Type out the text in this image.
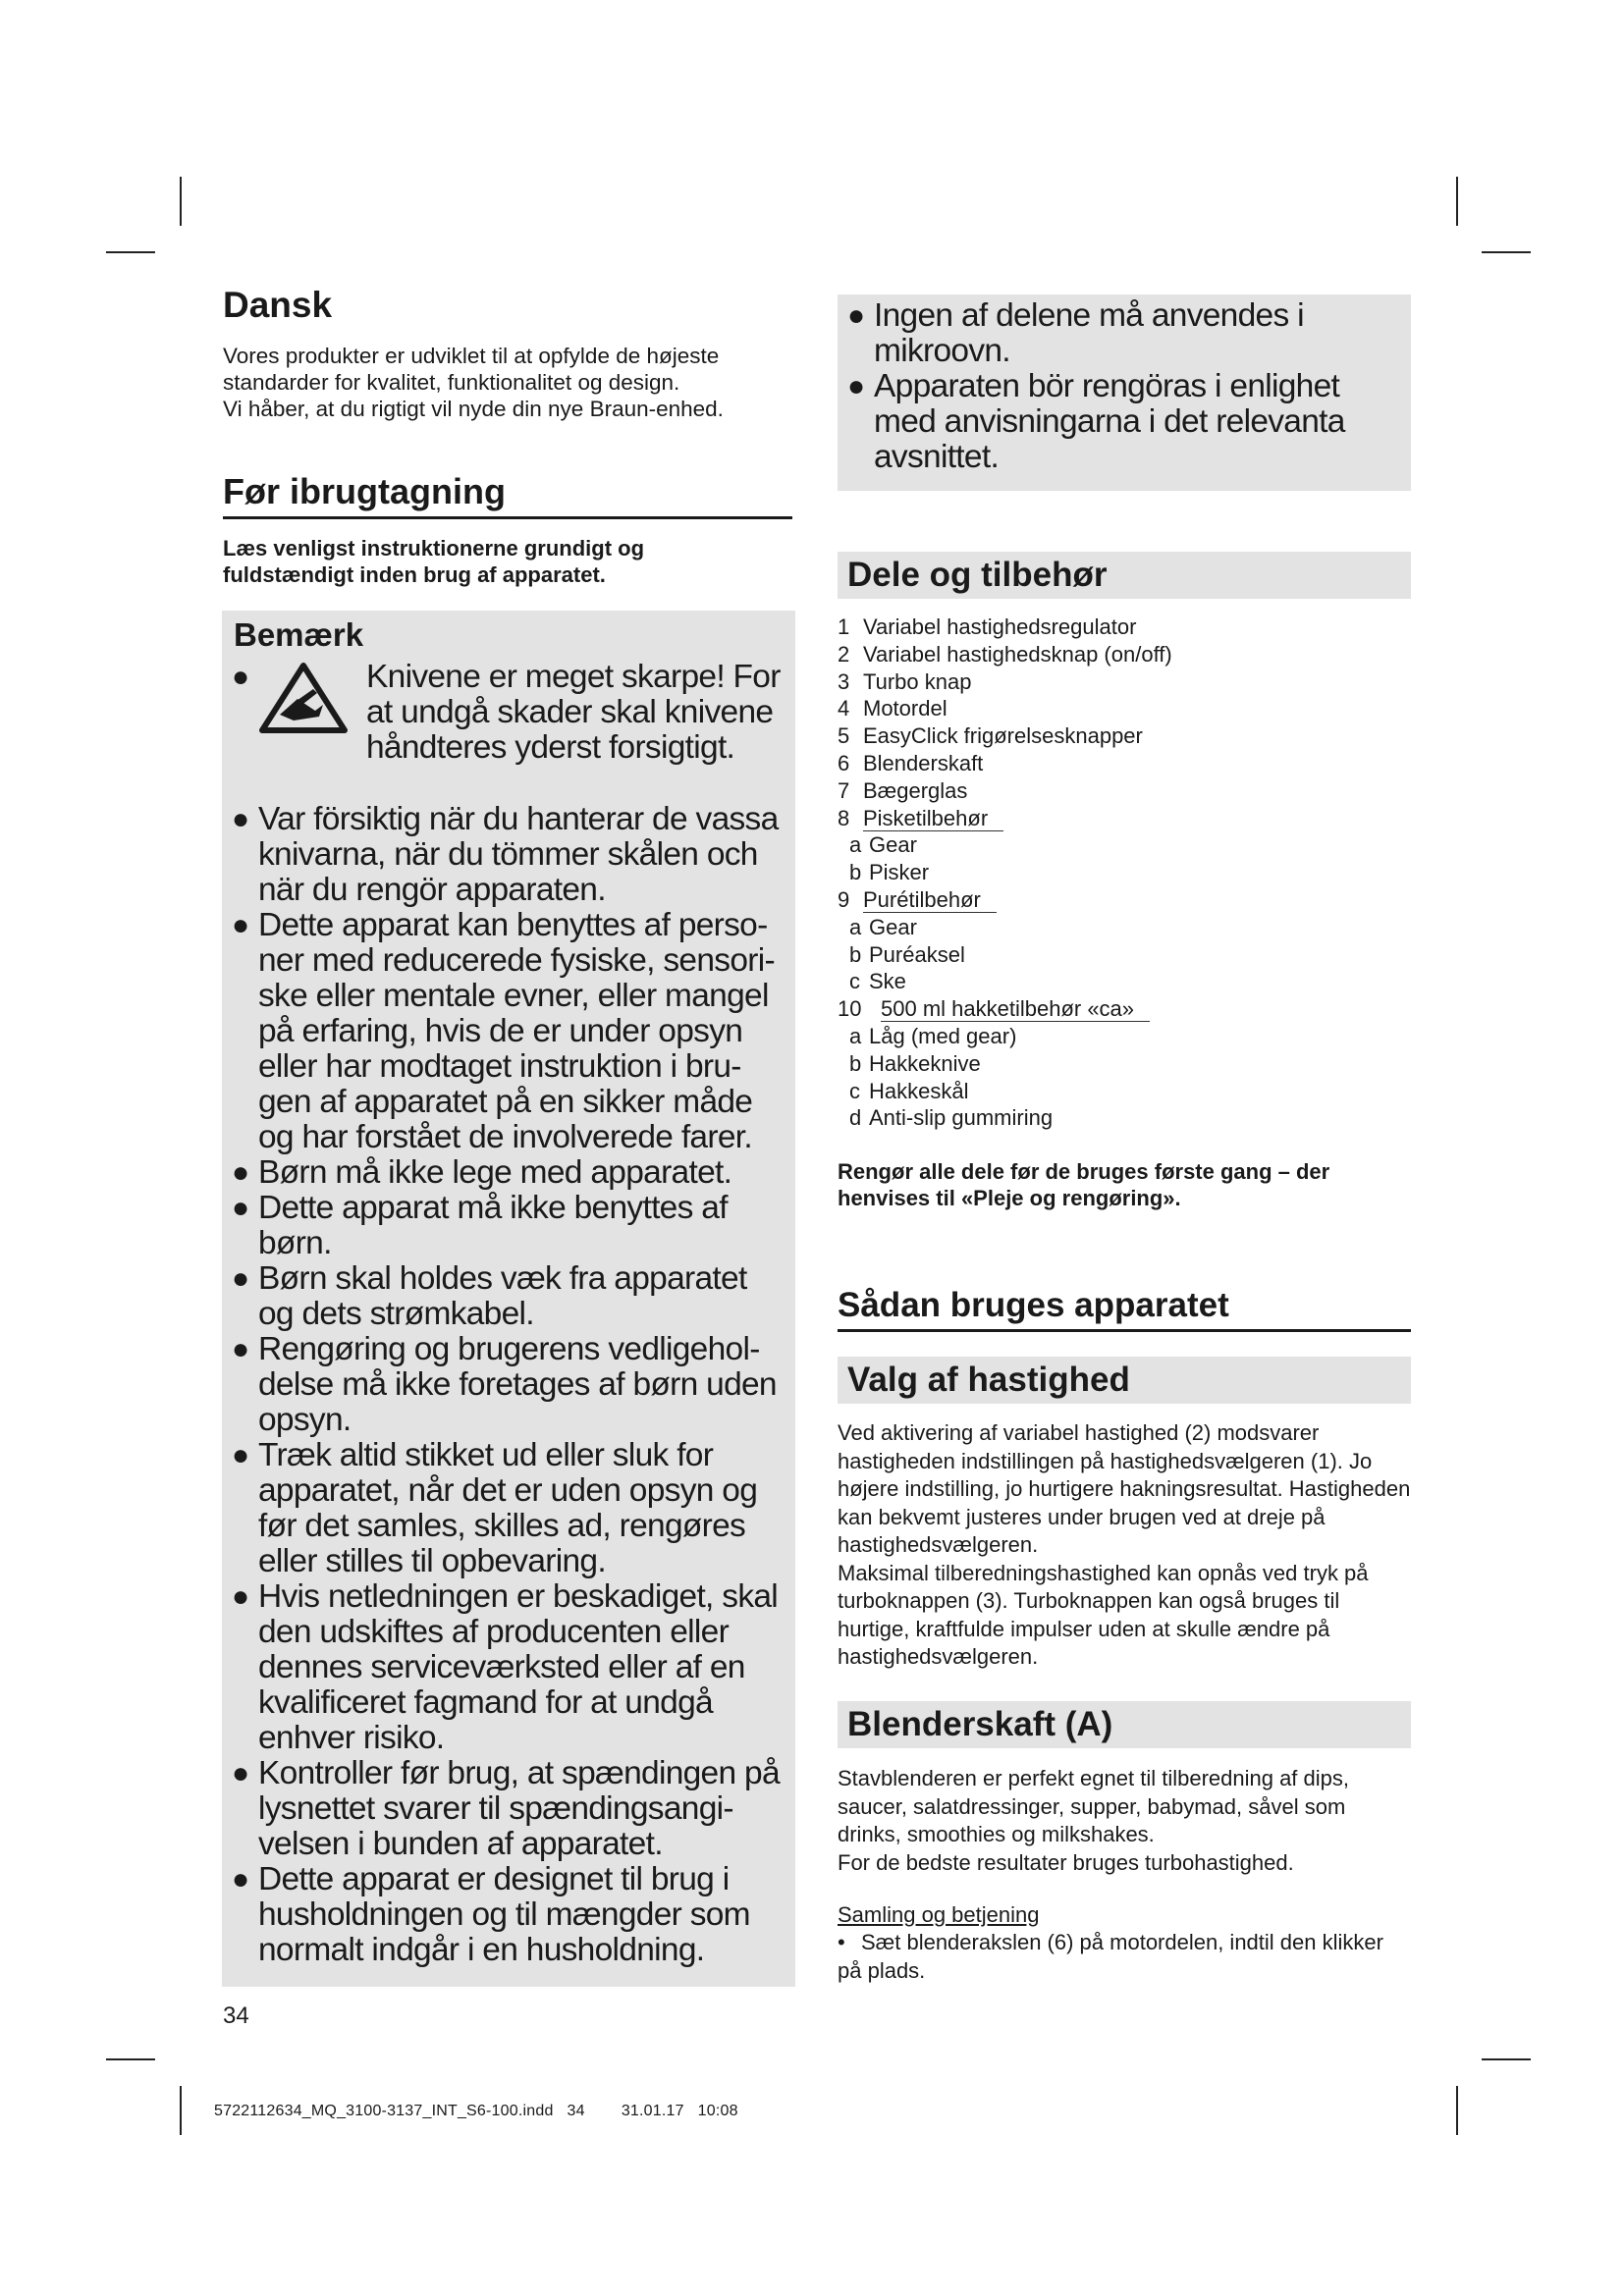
Dansk

Vores produkter er udviklet til at opfylde de højeste

standarder for kvalitet, funktionalitet og design.

Vi håber, at du rigtigt vil nyde din nye Braun-enhed.

Før ibrugtagning

Læs venligst instruktionerne grundigt og fuldstændigt inden brug af apparatet.

Bemærk
●	Knivene er meget skarpe! For at undgå skader skal knivene håndteres yderst forsigtigt.
● Var försiktig när du hanterar de vassa knivarna, när du tömmer skålen och när du rengör apparaten.
● Dette apparat kan benyttes af perso-ner med reducerede fysiske, sensori-ske eller mentale evner, eller mangel på erfaring, hvis de er under opsyn eller har modtaget instruktion i bru-gen af apparatet på en sikker måde og har forstået de involverede farer.
● Børn må ikke lege med apparatet.
● Dette apparat må ikke benyttes af børn.
● Børn skal holdes væk fra apparatet og dets strømkabel.
● Rengøring og brugerens vedligehol-delse må ikke foretages af børn uden opsyn.
● Træk altid stikket ud eller sluk for apparatet, når det er uden opsyn og før det samles, skilles ad, rengøres eller stilles til opbevaring.
● Hvis netledningen er beskadiget, skal den udskiftes af producenten eller dennes serviceværksted eller af en kvalificeret fagmand for at undgå enhver risiko.
● Kontroller før brug, at spændingen på lysnettet svarer til spændingsangi-velsen i bunden af apparatet.
● Dette apparat er designet til brug i husholdningen og til mængder som normalt indgår i en husholdning.
34
5722112634_MQ_3100-3137_INT_S6-100.indd   34        31.01.17   10:08
● Ingen af delene må anvendes i mikroovn.
● Apparaten bör rengöras i enlighet med anvisningarna i det relevanta avsnittet.
Dele og tilbehør
1 Variabel hastighedsregulator
2 Variabel hastighedsknap (on/off)
3 Turbo knap
4 Motordel
5 EasyClick frigørelsesknapper
6 Blenderskaft
7 Bægerglas
8 Pisketilbehør
a Gear
b Pisker
9 Purétilbehør
a Gear
b Puréaksel
c Ske
10 500 ml hakketilbehør «ca»
a Låg (med gear)
b Hakkeknive
c Hakkeskål
d Anti-slip gummiring

Rengør alle dele før de bruges første gang – der henvises til «Pleje og rengøring».

Sådan bruges apparatet
Valg af hastighed

Ved aktivering af variabel hastighed (2) modsvarer hastigheden indstillingen på hastighedsvælgeren (1). Jo højere indstilling, jo hurtigere hakningsresultat. Hastigheden kan bekvemt justeres under brugen ved at dreje på hastighedsvælgeren.

Maksimal tilberedningshastighed kan opnås ved tryk på turboknappen (3). Turboknappen kan også bruges til hurtige, kraftfulde impulser uden at skulle ændre på hastighedsvælgeren.

Blenderskaft (A)

Stavblenderen er perfekt egnet til tilberedning af dips, saucer, salatdressinger, supper, babymad, såvel som drinks, smoothies og milkshakes.

For de bedste resultater bruges turbohastighed.

Samling og betjening
• Sæt blenderakslen (6) på motordelen, indtil den klikker på plads.
